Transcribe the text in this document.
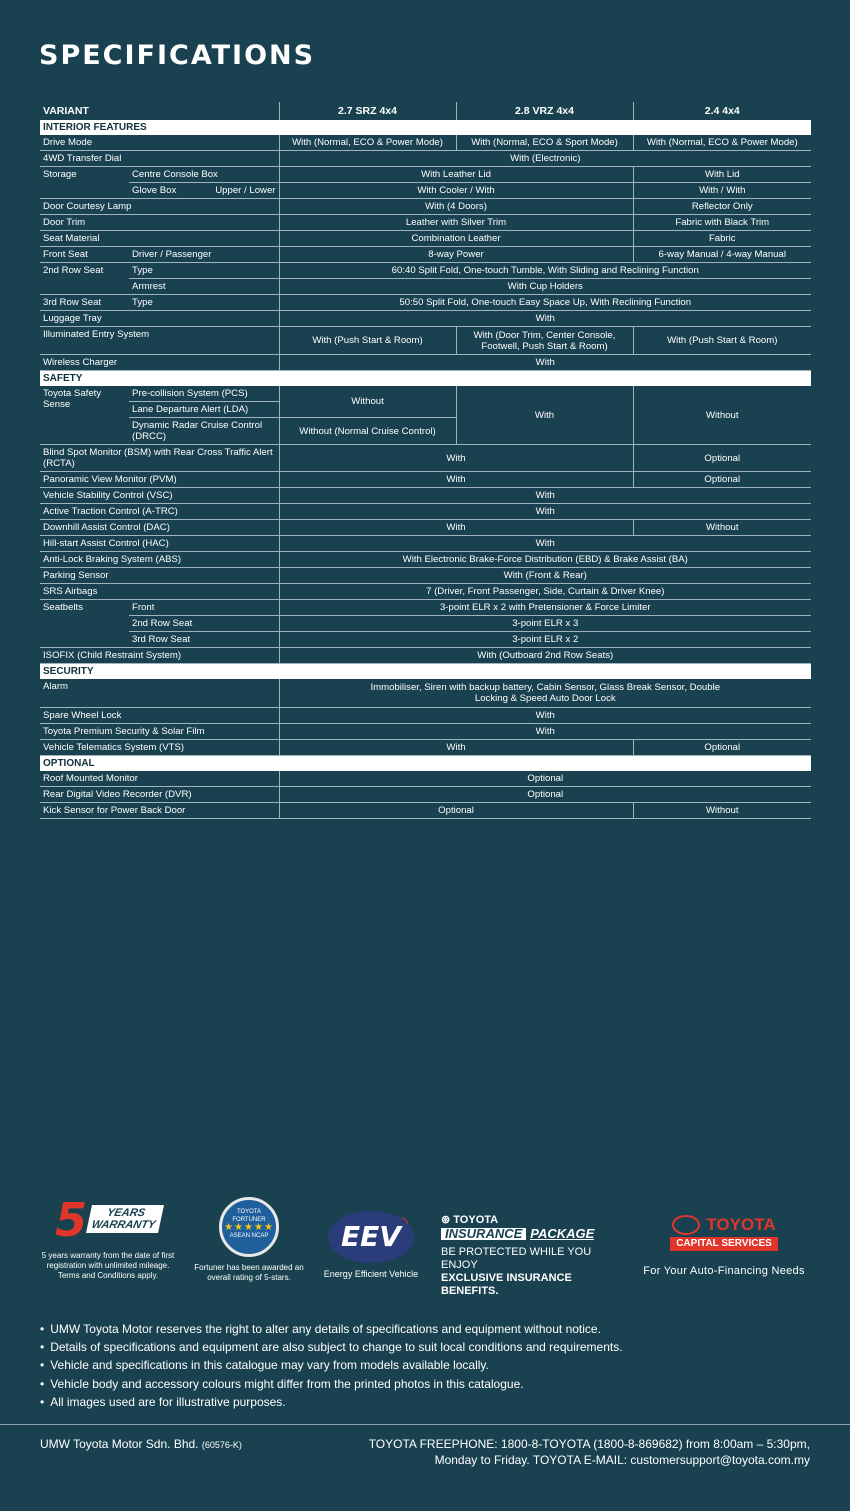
SPECIFICATIONS
VARIANT		2.7 SRZ 4x4	2.8 VRZ 4x4	2.4 4x4
INTERIOR FEATURES				
Drive Mode		With (Normal, ECO & Power Mode)	With (Normal, ECO & Sport Mode)	With (Normal, ECO & Power Mode)
4WD Transfer Dial		With (Electronic)		
Storage	Centre Console Box	With Leather Lid		With Lid

	Glove Box Upper / Lower	With Cooler / With		With / With
Door Courtesy Lamp		With (4 Doors)		Reflector Only
Door Trim		Leather with Silver Trim		Fabric with Black Trim
Seat Material		Combination Leather		Fabric
Front Seat	Driver / Passenger	8-way Power		6-way Manual / 4-way Manual
2nd Row Seat	Type	60:40 Split Fold, One-touch Tumble, With Sliding and Reclining Function		
	Armrest	With Cup Holders		
3rd Row Seat	Type	50:50 Split Fold, One-touch Easy Space Up, With Reclining Function		
Luggage Tray		With		
Illuminated Entry System		With (Push Start & Room)	With (Door Trim, Center Console, Footwell, Push Start & Room)	With (Push Start & Room)
Wireless Charger		With		
SAFETY				
Toyota Safety Sense	Pre-collision System (PCS)	Without	With	Without
	Lane Departure Alert (LDA)			
	Dynamic Radar Cruise Control (DRCC)	Without (Normal Cruise Control)		
Blind Spot Monitor (BSM) with Rear Cross Traffic Alert (RCTA)		With		Optional
Panoramic View Monitor (PVM)		With		Optional
Vehicle Stability Control (VSC)		With		
Active Traction Control (A-TRC)		With		
Downhill Assist Control (DAC)		With		Without
Hill-start Assist Control (HAC)		With		
Anti-Lock Braking System (ABS)		With Electronic Brake-Force Distribution (EBD) & Brake Assist (BA)		
Parking Sensor		With (Front & Rear)		
SRS Airbags		7 (Driver, Front Passenger, Side, Curtain & Driver Knee)		
Seatbelts	Front	3-point ELR x 2 with Pretensioner & Force Limiter		
	2nd Row Seat	3-point ELR x 3		
	3rd Row Seat	3-point ELR x 2		
ISOFIX (Child Restraint System)		With (Outboard 2nd Row Seats)		
SECURITY				
Alarm		Immobiliser, Siren with backup battery, Cabin Sensor, Glass Break Sensor, Double Locking & Speed Auto Door Lock		
Spare Wheel Lock		With		
Toyota Premium Security & Solar Film		With		
Vehicle Telematics System (VTS)		With		Optional
OPTIONAL				
Roof Mounted Monitor		Optional		
Rear Digital Video Recorder (DVR)		Optional		
Kick Sensor for Power Back Door		Optional		Without
5 YEARS
WARRANTY
5 years warranty from the date of first registration with unlimited mileage. Terms and Conditions apply.
TOYOTA FORTUNER
★★★★★
ASEAN NCAP
Fortuner has been awarded an overall rating of 5-stars.
EEV ◝
Energy Efficient Vehicle
⊛ TOYOTA
INSURANCE PACKAGE
BE PROTECTED WHILE YOU ENJOY
EXCLUSIVE INSURANCE BENEFITS.
TOYOTA
CAPITAL SERVICES
For Your Auto-Financing Needs
• UMW Toyota Motor reserves the right to alter any details of specifications and equipment without notice.
• Details of specifications and equipment are also subject to change to suit local conditions and requirements.
• Vehicle and specifications in this catalogue may vary from models available locally.
• Vehicle body and accessory colours might differ from the printed photos in this catalogue.
• All images used are for illustrative purposes.
UMW Toyota Motor Sdn. Bhd. (60576-K)	TOYOTA FREEPHONE: 1800-8-TOYOTA (1800-8-869682) from 8:00am – 5:30pm,
Monday to Friday. TOYOTA E-MAIL: customersupport@toyota.com.my
